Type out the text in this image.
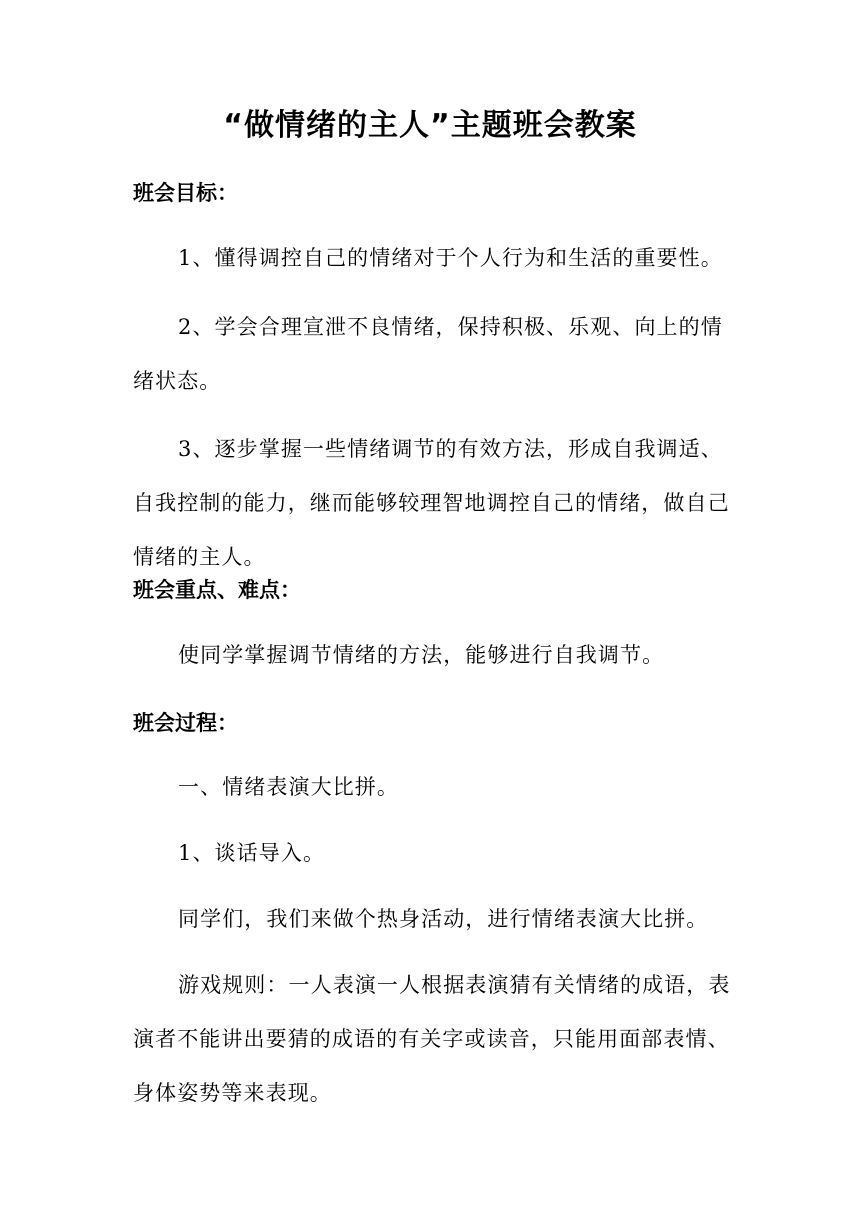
“做情绪的主人”主题班会教案
班会目标：

1、懂得调控自己的情绪对于个人行为和生活的重要性。

2、学会合理宣泄不良情绪，保持积极、乐观、向上的情绪状态。

3、逐步掌握一些情绪调节的有效方法，形成自我调适、自我控制的能力，继而能够较理智地调控自己的情绪，做自己情绪的主人。

班会重点、难点：

使同学掌握调节情绪的方法，能够进行自我调节。

班会过程：

一、情绪表演大比拼。

1、谈话导入。

同学们，我们来做个热身活动，进行情绪表演大比拼。

游戏规则：一人表演一人根据表演猜有关情绪的成语，表演者不能讲出要猜的成语的有关字或读音，只能用面部表情、身体姿势等来表现。
